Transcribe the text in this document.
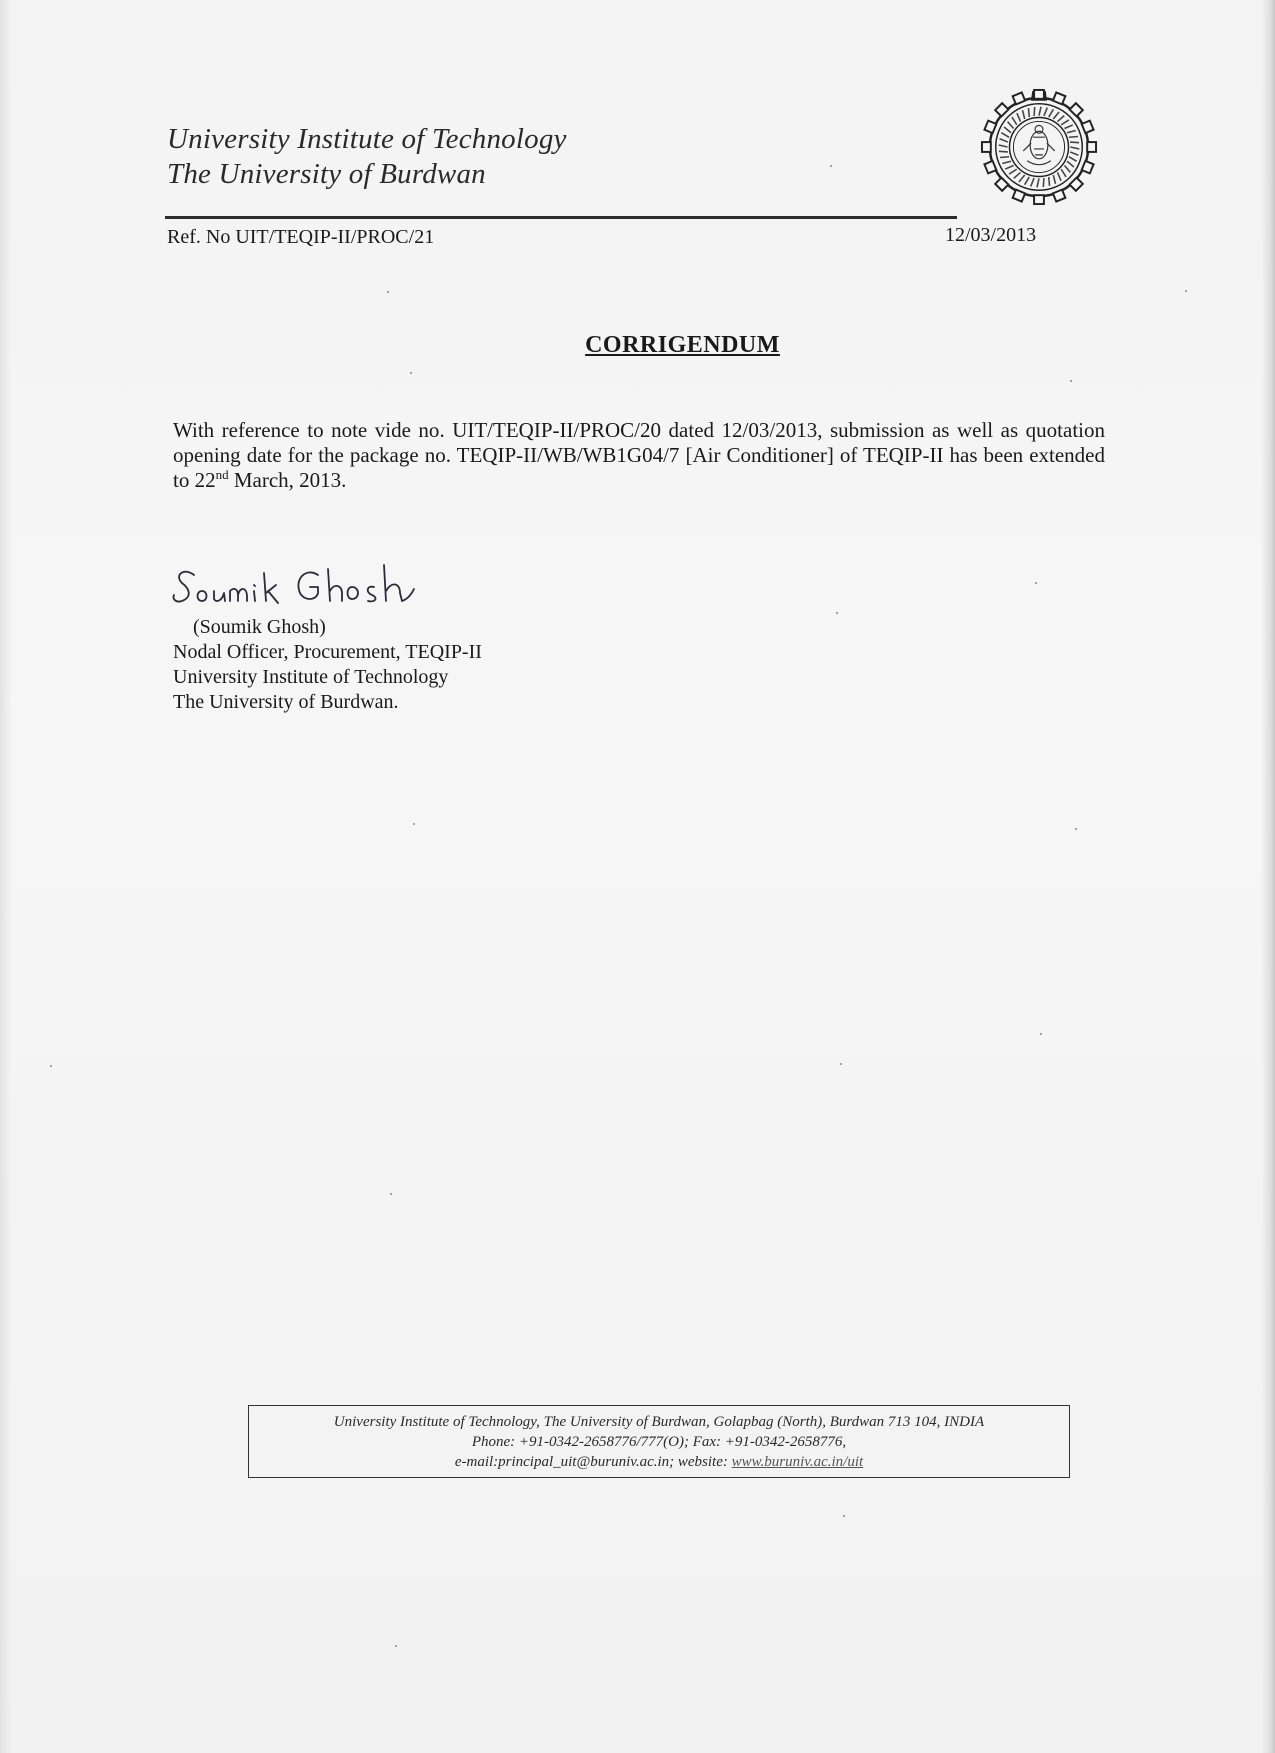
University Institute of Technology
The University of Burdwan
Ref. No UIT/TEQIP-II/PROC/21	12/03/2013
CORRIGENDUM
With reference to note vide no. UIT/TEQIP-II/PROC/20 dated 12/03/2013, submission as well as quotation opening date for the package no. TEQIP-II/WB/WB1G04/7 [Air Conditioner] of TEQIP-II has been extended to 22nd March, 2013.
(Soumik Ghosh)
Nodal Officer, Procurement, TEQIP-II
University Institute of Technology
The University of Burdwan.
University Institute of Technology, The University of Burdwan, Golapbag (North), Burdwan 713 104, INDIA
Phone: +91-0342-2658776/777(O); Fax: +91-0342-2658776,
e-mail:principal_uit@buruniv.ac.in; website: www.buruniv.ac.in/uit
